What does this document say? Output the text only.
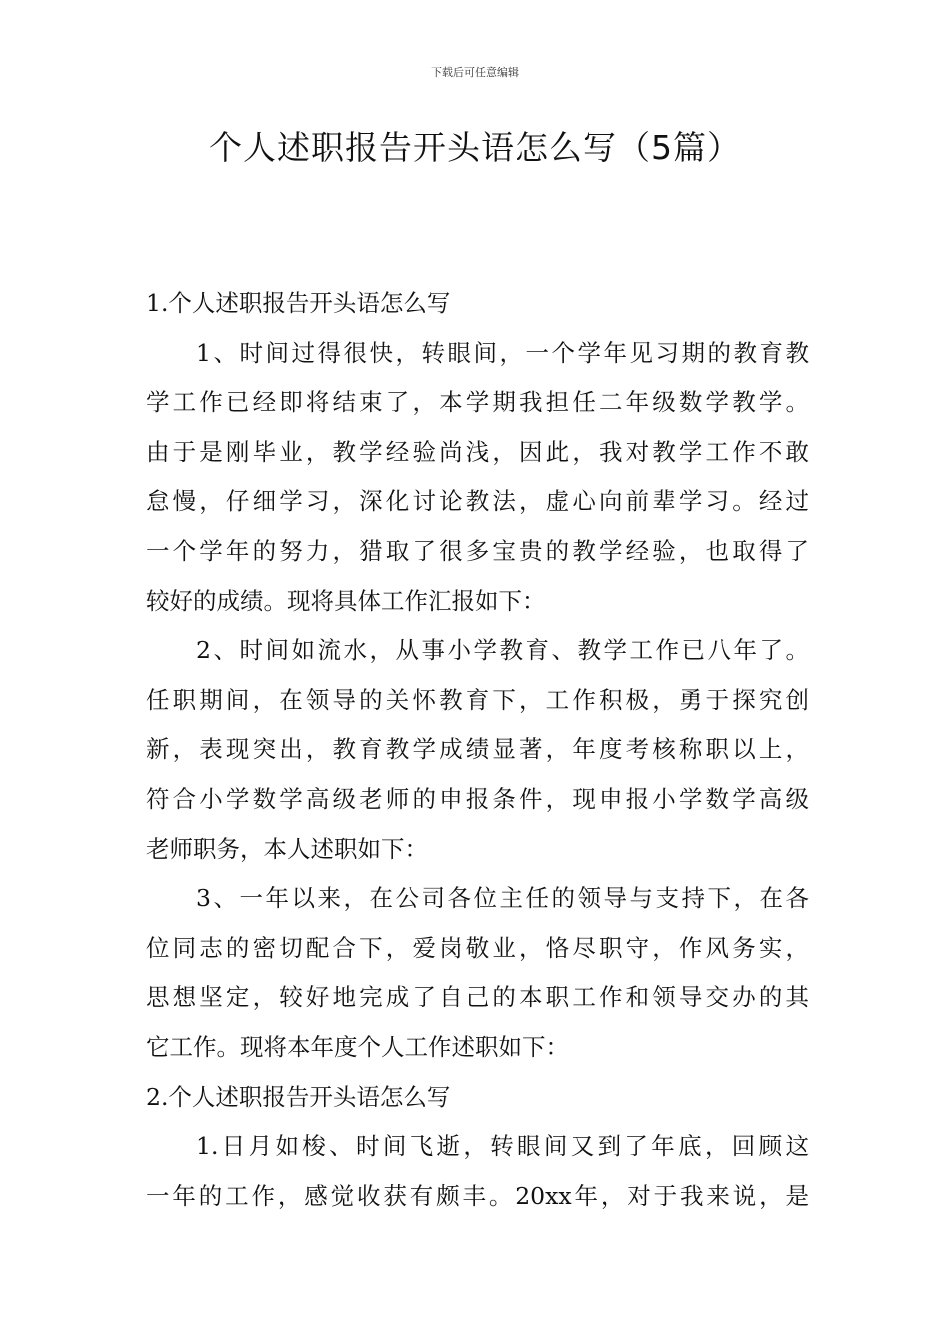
下载后可任意编辑
个人述职报告开头语怎么写（5篇）
1.个人述职报告开头语怎么写
1、时间过得很快，转眼间，一个学年见习期的教育教
学工作已经即将结束了，本学期我担任二年级数学教学。
由于是刚毕业，教学经验尚浅，因此，我对教学工作不敢
怠慢，仔细学习，深化讨论教法，虚心向前辈学习。经过
一个学年的努力，猎取了很多宝贵的教学经验，也取得了
较好的成绩。现将具体工作汇报如下：
2、时间如流水，从事小学教育、教学工作已八年了。
任职期间，在领导的关怀教育下，工作积极，勇于探究创
新，表现突出，教育教学成绩显著，年度考核称职以上，
符合小学数学高级老师的申报条件，现申报小学数学高级
老师职务，本人述职如下：
3、一年以来，在公司各位主任的领导与支持下，在各
位同志的密切配合下，爱岗敬业，恪尽职守，作风务实，
思想坚定，较好地完成了自己的本职工作和领导交办的其
它工作。现将本年度个人工作述职如下：
2.个人述职报告开头语怎么写
1.日月如梭、时间飞逝，转眼间又到了年底，回顾这
一年的工作，感觉收获有颇丰。20xx年，对于我来说，是
